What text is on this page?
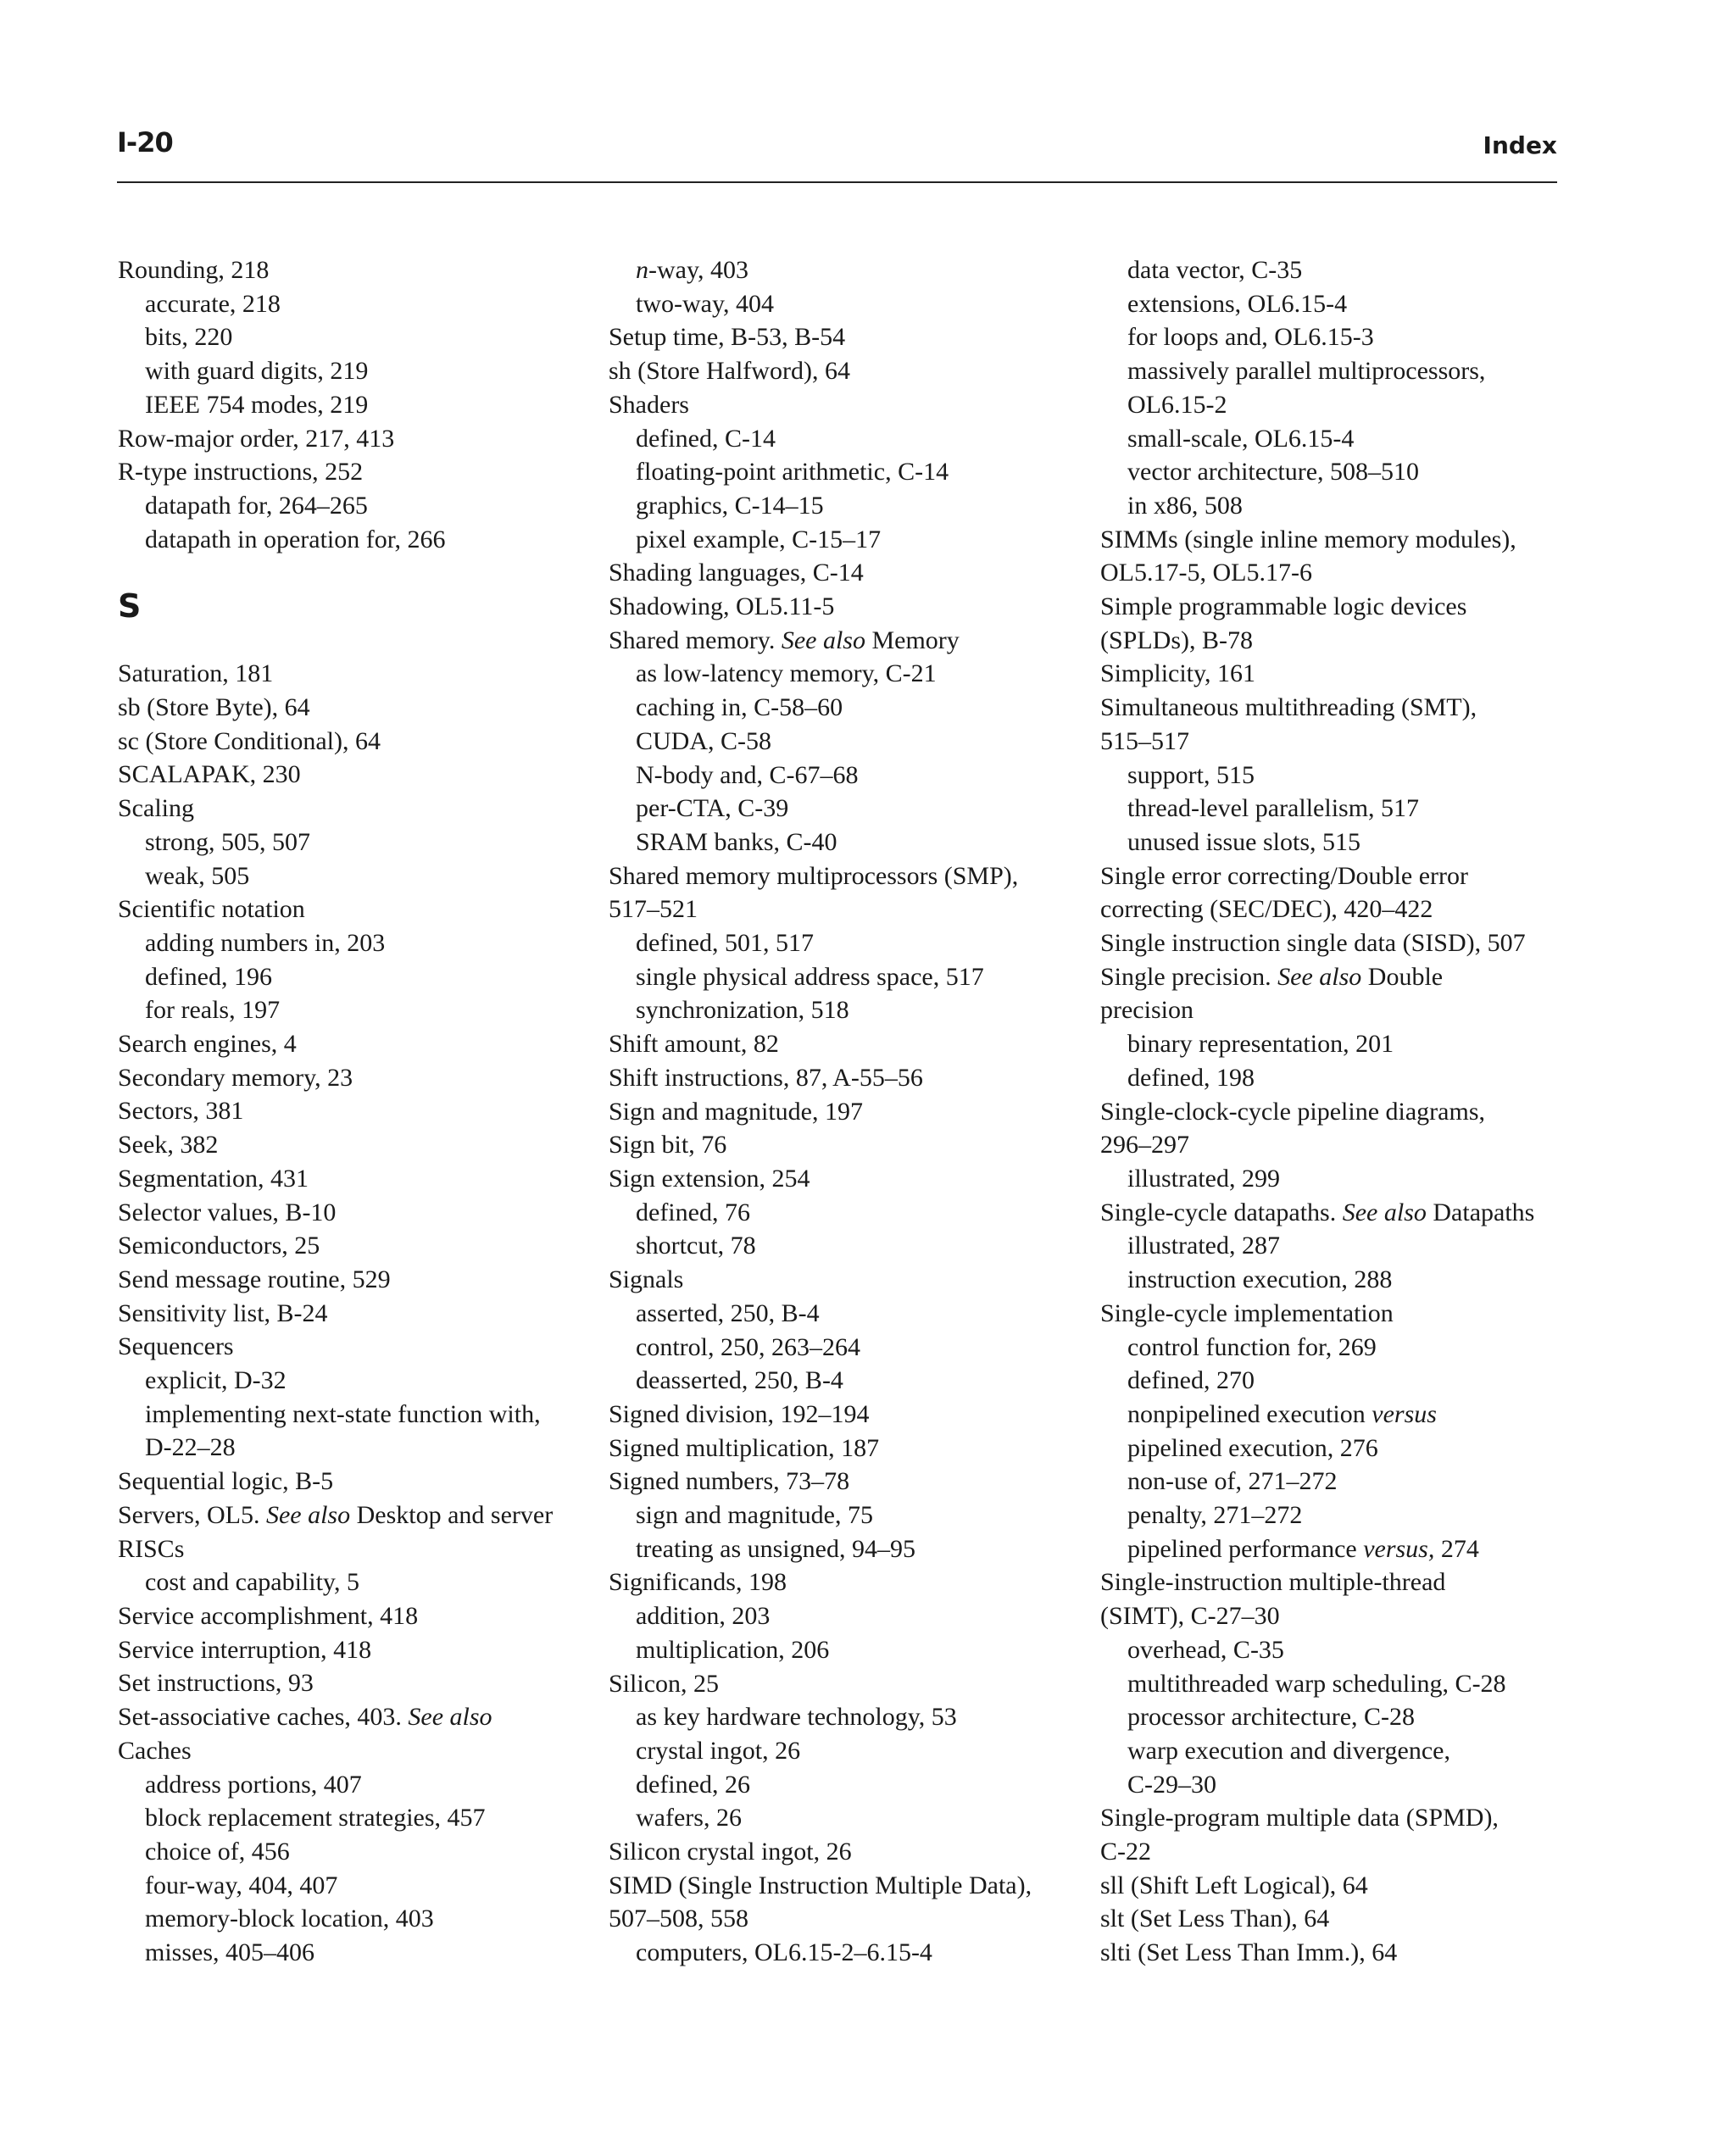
I-20	Index
Rounding, 218
accurate, 218
bits, 220
with guard digits, 219
IEEE 754 modes, 219
Row-major order, 217, 413
R-type instructions, 252
datapath for, 264–265
datapath in operation for, 266
S
Saturation, 181
sb (Store Byte), 64
sc (Store Conditional), 64
SCALAPAK, 230
Scaling
strong, 505, 507
weak, 505
Scientific notation
adding numbers in, 203
defined, 196
for reals, 197
Search engines, 4
Secondary memory, 23
Sectors, 381
Seek, 382
Segmentation, 431
Selector values, B-10
Semiconductors, 25
Send message routine, 529
Sensitivity list, B-24
Sequencers
explicit, D-32
implementing next-state function with,
D-22–28
Sequential logic, B-5
Servers, OL5. See also Desktop and server
RISCs
cost and capability, 5
Service accomplishment, 418
Service interruption, 418
Set instructions, 93
Set-associative caches, 403. See also
Caches
address portions, 407
block replacement strategies, 457
choice of, 456
four-way, 404, 407
memory-block location, 403
misses, 405–406
n-way, 403
two-way, 404
Setup time, B-53, B-54
sh (Store Halfword), 64
Shaders
defined, C-14
floating-point arithmetic, C-14
graphics, C-14–15
pixel example, C-15–17
Shading languages, C-14
Shadowing, OL5.11-5
Shared memory. See also Memory
as low-latency memory, C-21
caching in, C-58–60
CUDA, C-58
N-body and, C-67–68
per-CTA, C-39
SRAM banks, C-40
Shared memory multiprocessors (SMP),
517–521
defined, 501, 517
single physical address space, 517
synchronization, 518
Shift amount, 82
Shift instructions, 87, A-55–56
Sign and magnitude, 197
Sign bit, 76
Sign extension, 254
defined, 76
shortcut, 78
Signals
asserted, 250, B-4
control, 250, 263–264
deasserted, 250, B-4
Signed division, 192–194
Signed multiplication, 187
Signed numbers, 73–78
sign and magnitude, 75
treating as unsigned, 94–95
Significands, 198
addition, 203
multiplication, 206
Silicon, 25
as key hardware technology, 53
crystal ingot, 26
defined, 26
wafers, 26
Silicon crystal ingot, 26
SIMD (Single Instruction Multiple Data),
507–508, 558
computers, OL6.15-2–6.15-4
data vector, C-35
extensions, OL6.15-4
for loops and, OL6.15-3
massively parallel multiprocessors,
OL6.15-2
small-scale, OL6.15-4
vector architecture, 508–510
in x86, 508
SIMMs (single inline memory modules),
OL5.17-5, OL5.17-6
Simple programmable logic devices
(SPLDs), B-78
Simplicity, 161
Simultaneous multithreading (SMT),
515–517
support, 515
thread-level parallelism, 517
unused issue slots, 515
Single error correcting/Double error
correcting (SEC/DEC), 420–422
Single instruction single data (SISD), 507
Single precision. See also Double
precision
binary representation, 201
defined, 198
Single-clock-cycle pipeline diagrams,
296–297
illustrated, 299
Single-cycle datapaths. See also Datapaths
illustrated, 287
instruction execution, 288
Single-cycle implementation
control function for, 269
defined, 270
nonpipelined execution versus
pipelined execution, 276
non-use of, 271–272
penalty, 271–272
pipelined performance versus, 274
Single-instruction multiple-thread
(SIMT), C-27–30
overhead, C-35
multithreaded warp scheduling, C-28
processor architecture, C-28
warp execution and divergence,
C-29–30
Single-program multiple data (SPMD),
C-22
sll (Shift Left Logical), 64
slt (Set Less Than), 64
slti (Set Less Than Imm.), 64
